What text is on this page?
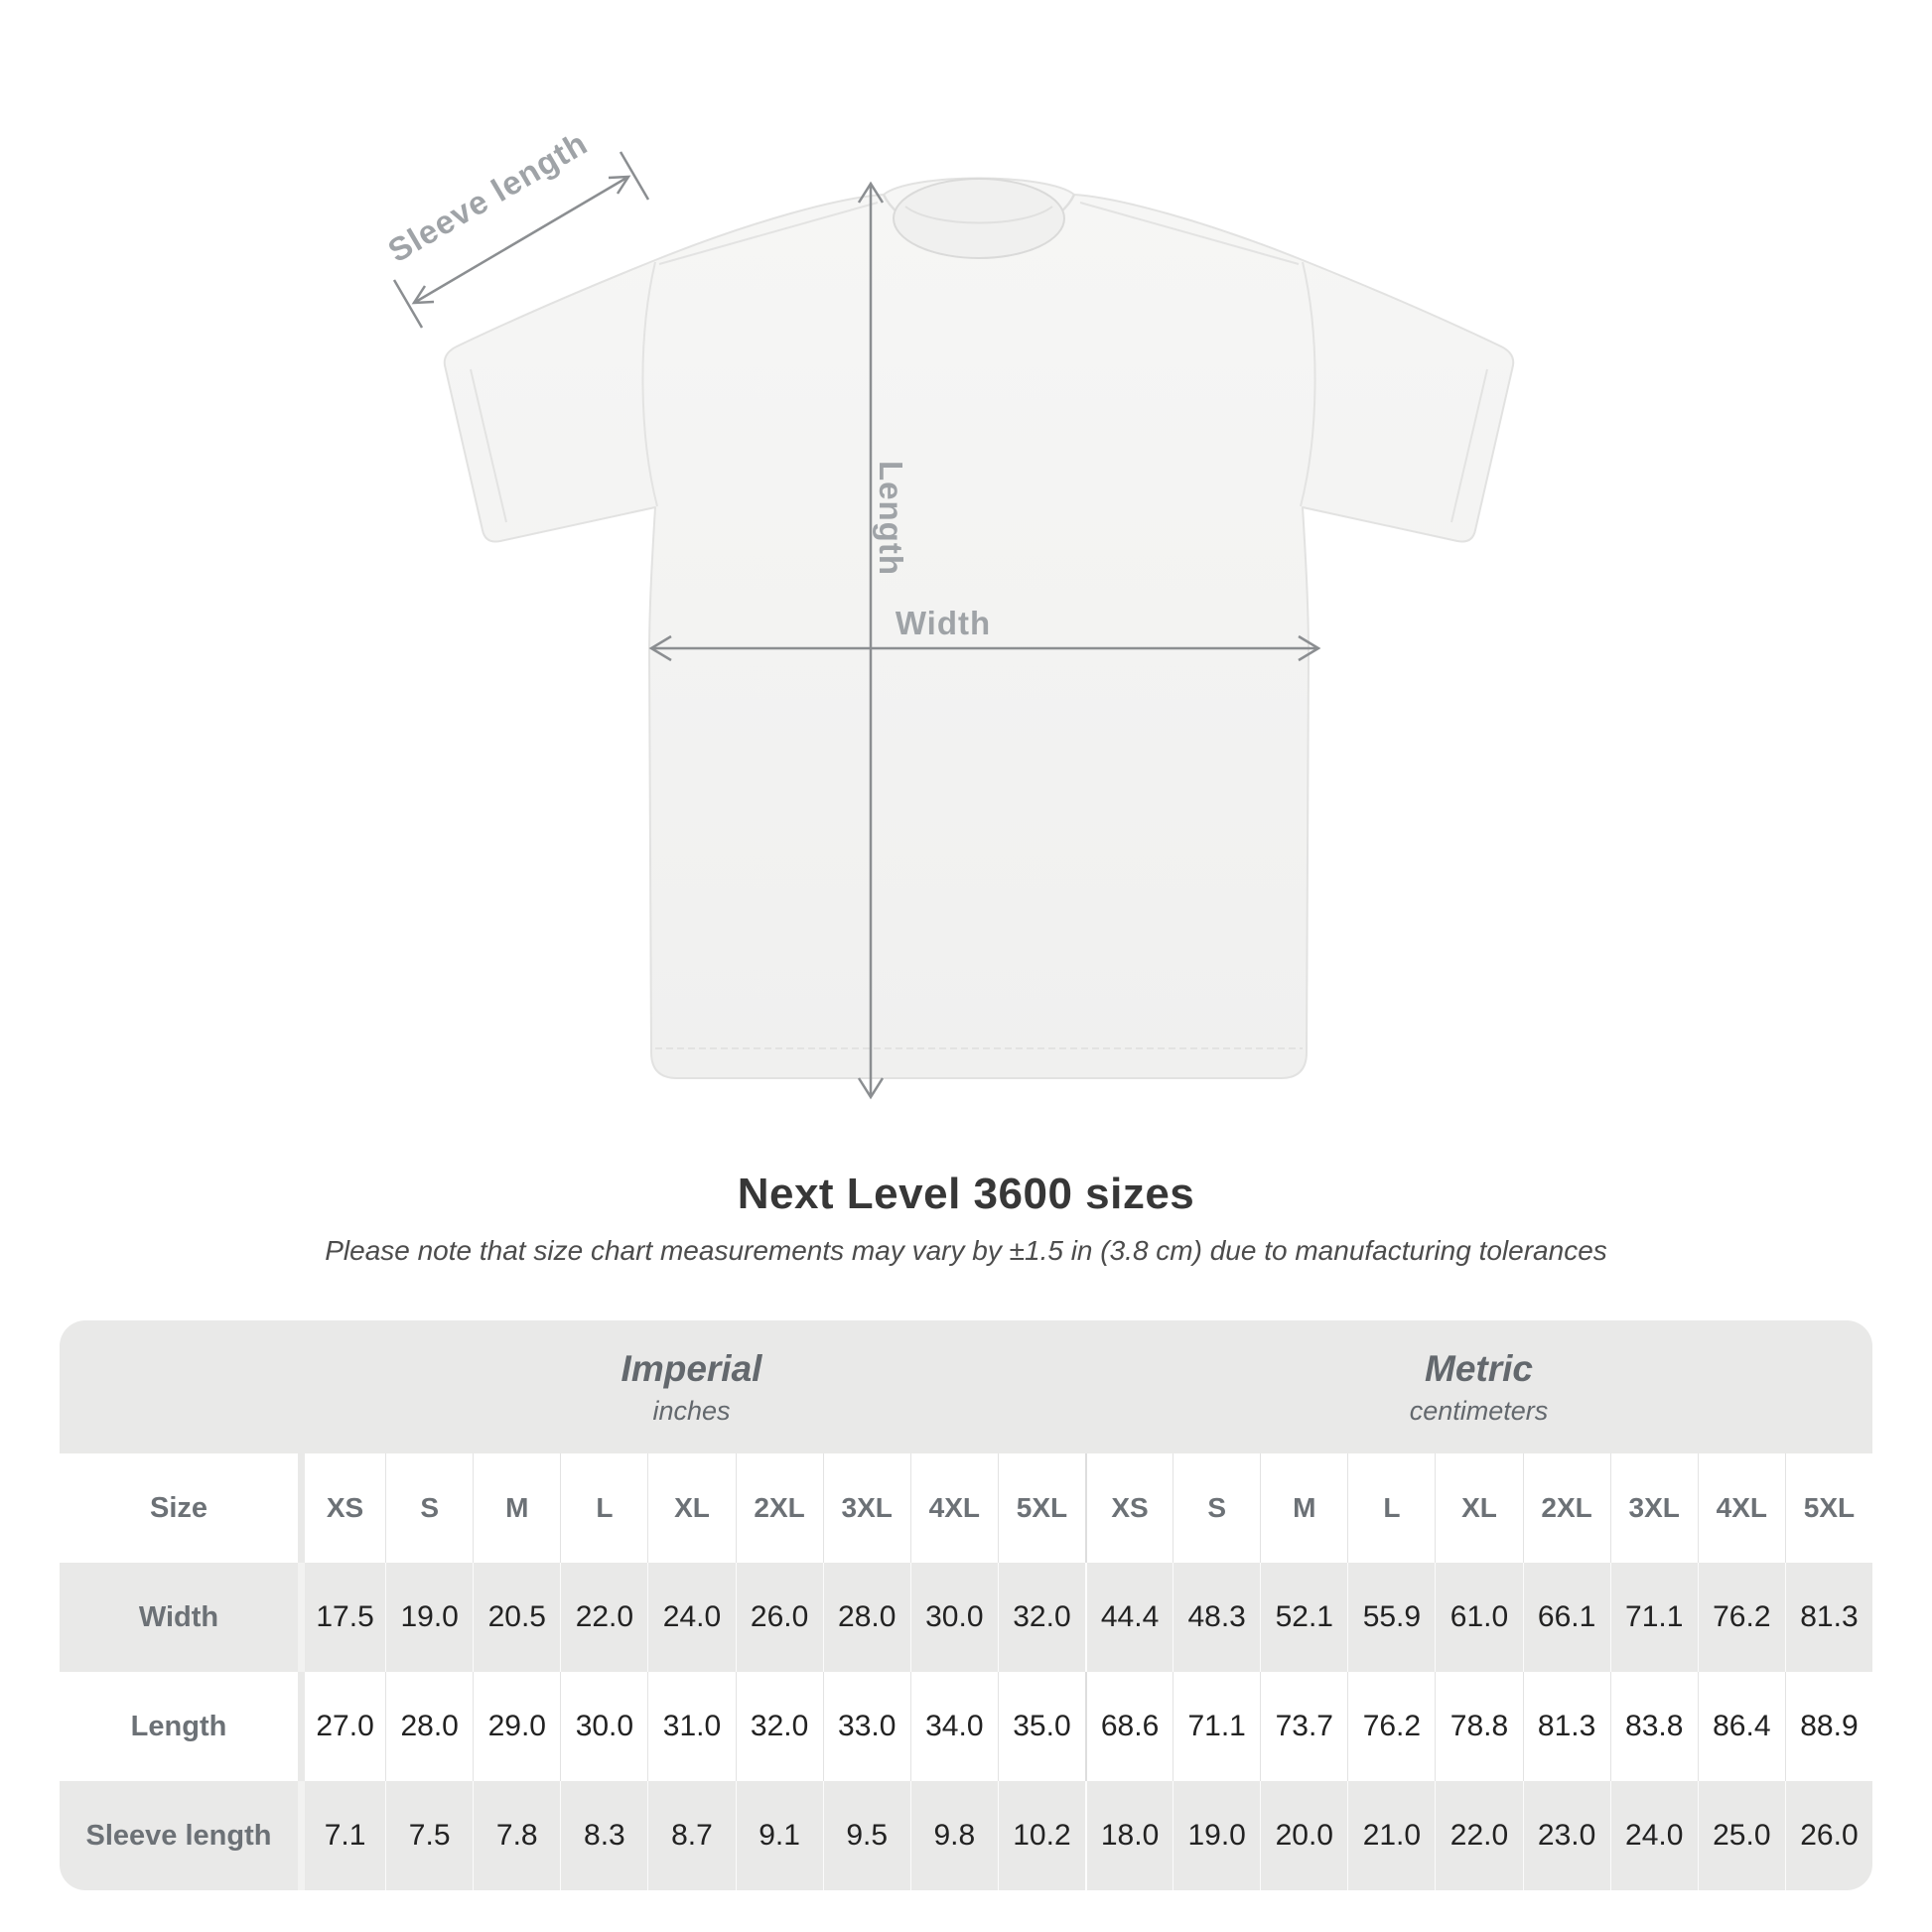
Sleeve length
Length
Width
Next Level 3600 sizes

Please note that size chart measurements may vary by ±1.5 in (3.8 cm) due to manufacturing tolerances

Imperial
inches
Metric
centimeters
Size	XS	S	M	L	XL	2XL	3XL	4XL	5XL	XS	S	M	L	XL	2XL	3XL	4XL	5XL
Width	17.5 19.0 20.5 22.0 24.0 26.0 28.0 30.0 32.0	44.4 48.3 52.1 55.9 61.0 66.1 71.1 76.2 81.3
Length	27.0 28.0 29.0 30.0 31.0 32.0 33.0 34.0 35.0	68.6 71.1 73.7 76.2 78.8 81.3 83.8 86.4 88.9
Sleeve length	7.1	7.5	7.8	8.3	8.7	9.1	9.5	9.8	10.2	18.0 19.0 20.0 21.0 22.0 23.0 24.0 25.0 26.0
